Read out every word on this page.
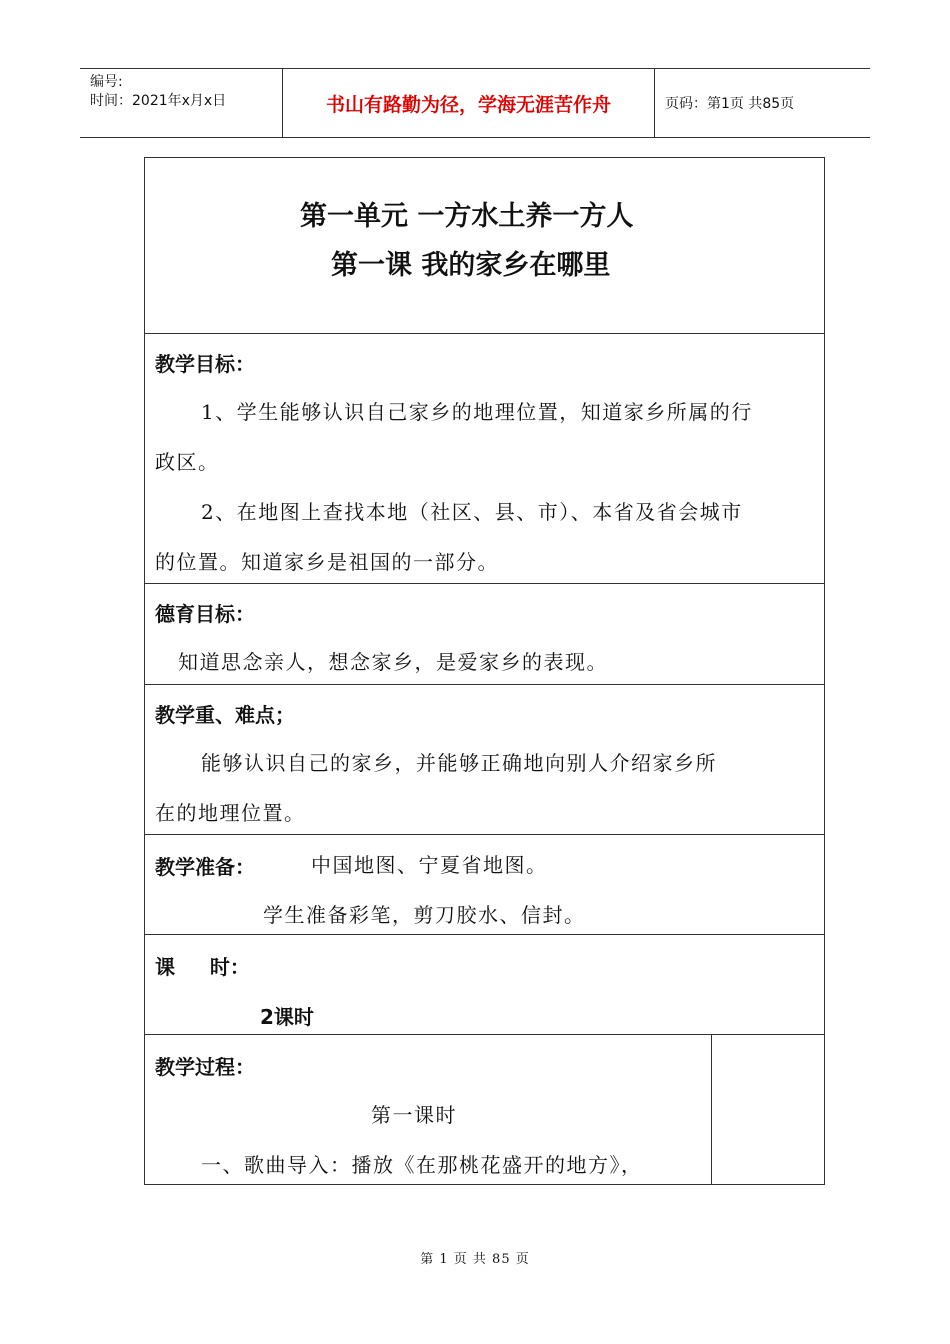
编号:
时间：2021年x月x日	书山有路勤为径，学海无涯苦作舟	页码：第1页 共85页
第一单元 一方水土养一方人
第一课 我的家乡在哪里
教学目标：
1、学生能够认识自己家乡的地理位置，知道家乡所属的行
政区。
2、在地图上查找本地（社区、县、市）、本省及省会城市
的位置。知道家乡是祖国的一部分。
德育目标：
知道思念亲人，想念家乡，是爱家乡的表现。
教学重、难点；
能够认识自己的家乡，并能够正确地向别人介绍家乡所
在的地理位置。
教学准备：	中国地图、宁夏省地图。
学生准备彩笔，剪刀胶水、信封。
课     时：
2课时
教学过程：
第一课时
一、歌曲导入：播放《在那桃花盛开的地方》，
第 1 页 共 85 页
